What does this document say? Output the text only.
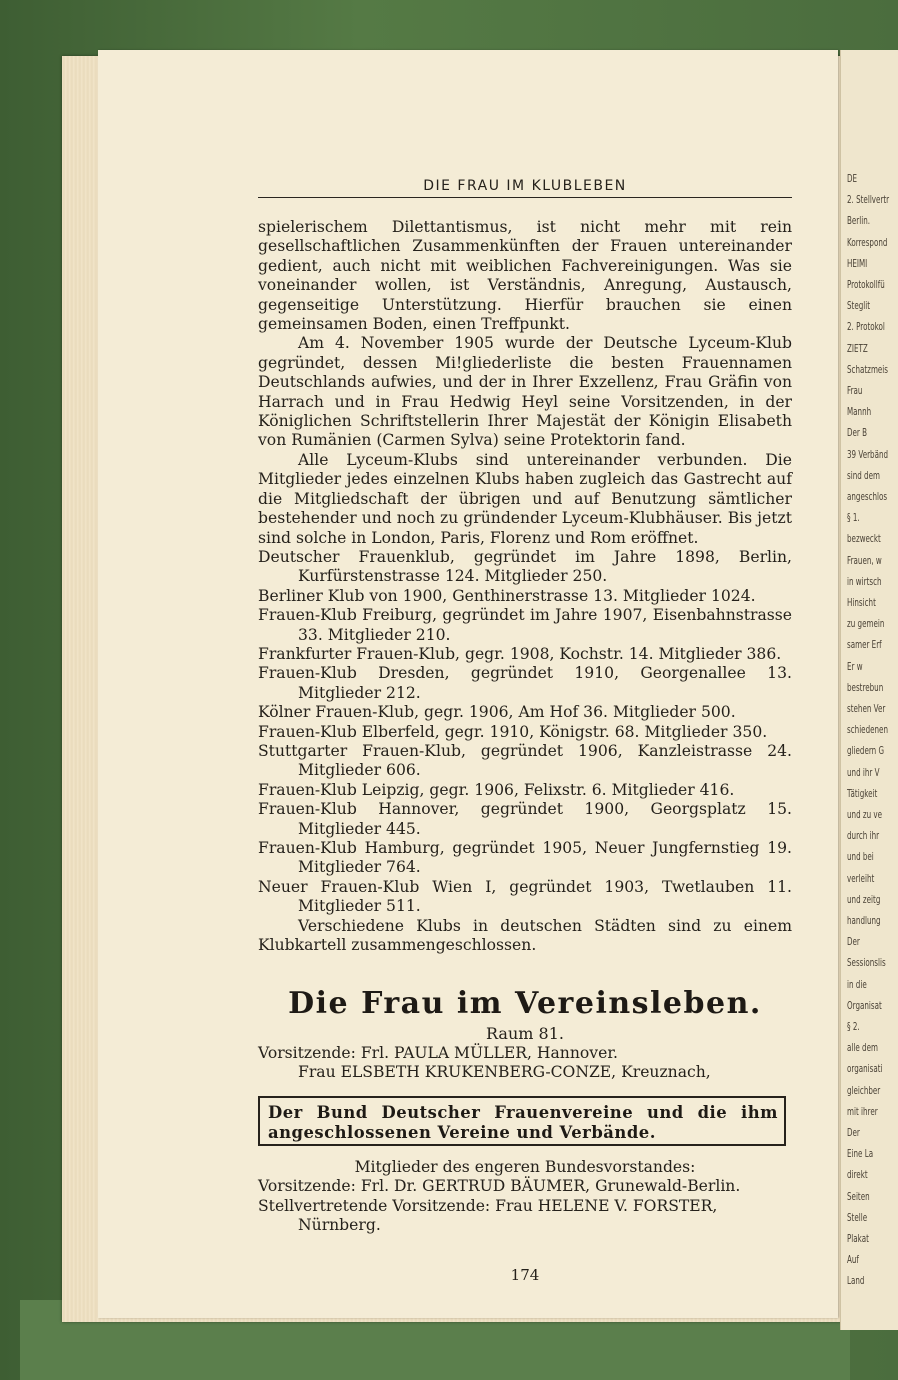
DE
2. Stellvertr
Berlin.
Korrespond
HEIMI
Protokollfü
Steglit
2. Protokol
ZIETZ
Schatzmeis
Frau
Mannh
Der B
39 Verbänd
sind dem
angeschlos
§ 1.
bezweckt
Frauen, w
in wirtsch
Hinsicht
zu gemein
samer Erf
Er w
bestrebun
stehen Ver
schiedenen
gliedern G
und ihr V
Tätigkeit
und zu ve
durch ihr
und bei
verleiht
und zeitg
handlung
Der
Sessionslis
in die
Organisat
§ 2.
alle dem
organisati
gleichber
mit ihrer
Der
Eine La
direkt
Seiten
Stelle
Plakat
Auf
Land
DIE FRAU IM KLUBLEBEN

spielerischem Dilettantismus, ist nicht mehr mit rein gesellschaftlichen Zusammenkünften der Frauen untereinander gedient, auch nicht mit weiblichen Fachvereinigungen. Was sie voneinander wollen, ist Verständnis, Anregung, Austausch, gegenseitige Unterstützung. Hierfür brauchen sie einen gemeinsamen Boden, einen Treffpunkt.

Am 4. November 1905 wurde der Deutsche Lyceum-Klub gegründet, dessen Mi!gliederliste die besten Frauennamen Deutschlands aufwies, und der in Ihrer Exzellenz, Frau Gräfin von Harrach und in Frau Hedwig Heyl seine Vorsitzenden, in der Königlichen Schriftstellerin Ihrer Majestät der Königin Elisabeth von Rumänien (Carmen Sylva) seine Protektorin fand.

Alle Lyceum-Klubs sind untereinander verbunden. Die Mitglieder jedes einzelnen Klubs haben zugleich das Gastrecht auf die Mitgliedschaft der übrigen und auf Benutzung sämtlicher bestehender und noch zu gründender Lyceum-Klubhäuser. Bis jetzt sind solche in London, Paris, Florenz und Rom eröffnet.

Deutscher Frauenklub, gegründet im Jahre 1898, Berlin, Kurfürstenstrasse 124. Mitglieder 250.

Berliner Klub von 1900, Genthinerstrasse 13. Mitglieder 1024.

Frauen-Klub Freiburg, gegründet im Jahre 1907, Eisenbahnstrasse 33. Mitglieder 210.

Frankfurter Frauen-Klub, gegr. 1908, Kochstr. 14. Mitglieder 386.

Frauen-Klub Dresden, gegründet 1910, Georgenallee 13. Mitglieder 212.

Kölner Frauen-Klub, gegr. 1906, Am Hof 36. Mitglieder 500.

Frauen-Klub Elberfeld, gegr. 1910, Königstr. 68. Mitglieder 350.

Stuttgarter Frauen-Klub, gegründet 1906, Kanzleistrasse 24. Mitglieder 606.

Frauen-Klub Leipzig, gegr. 1906, Felixstr. 6. Mitglieder 416.

Frauen-Klub Hannover, gegründet 1900, Georgsplatz 15. Mitglieder 445.

Frauen-Klub Hamburg, gegründet 1905, Neuer Jungfernstieg 19. Mitglieder 764.

Neuer Frauen-Klub Wien I, gegründet 1903, Twetlauben 11. Mitglieder 511.

Verschiedene Klubs in deutschen Städten sind zu einem Klubkartell zusammengeschlossen.

Die Frau im Vereinsleben.
Raum 81.
Vorsitzende: Frl. PAULA MÜLLER, Hannover.
Frau ELSBETH KRUKENBERG-CONZE, Kreuznach,
Der Bund Deutscher Frauenvereine und die ihm angeschlossenen Vereine und Verbände.

Mitglieder des engeren Bundesvorstandes:

Vorsitzende: Frl. Dr. GERTRUD BÄUMER, Grunewald-Berlin.

Stellvertretende Vorsitzende: Frau HELENE V. FORSTER, Nürnberg.

174
